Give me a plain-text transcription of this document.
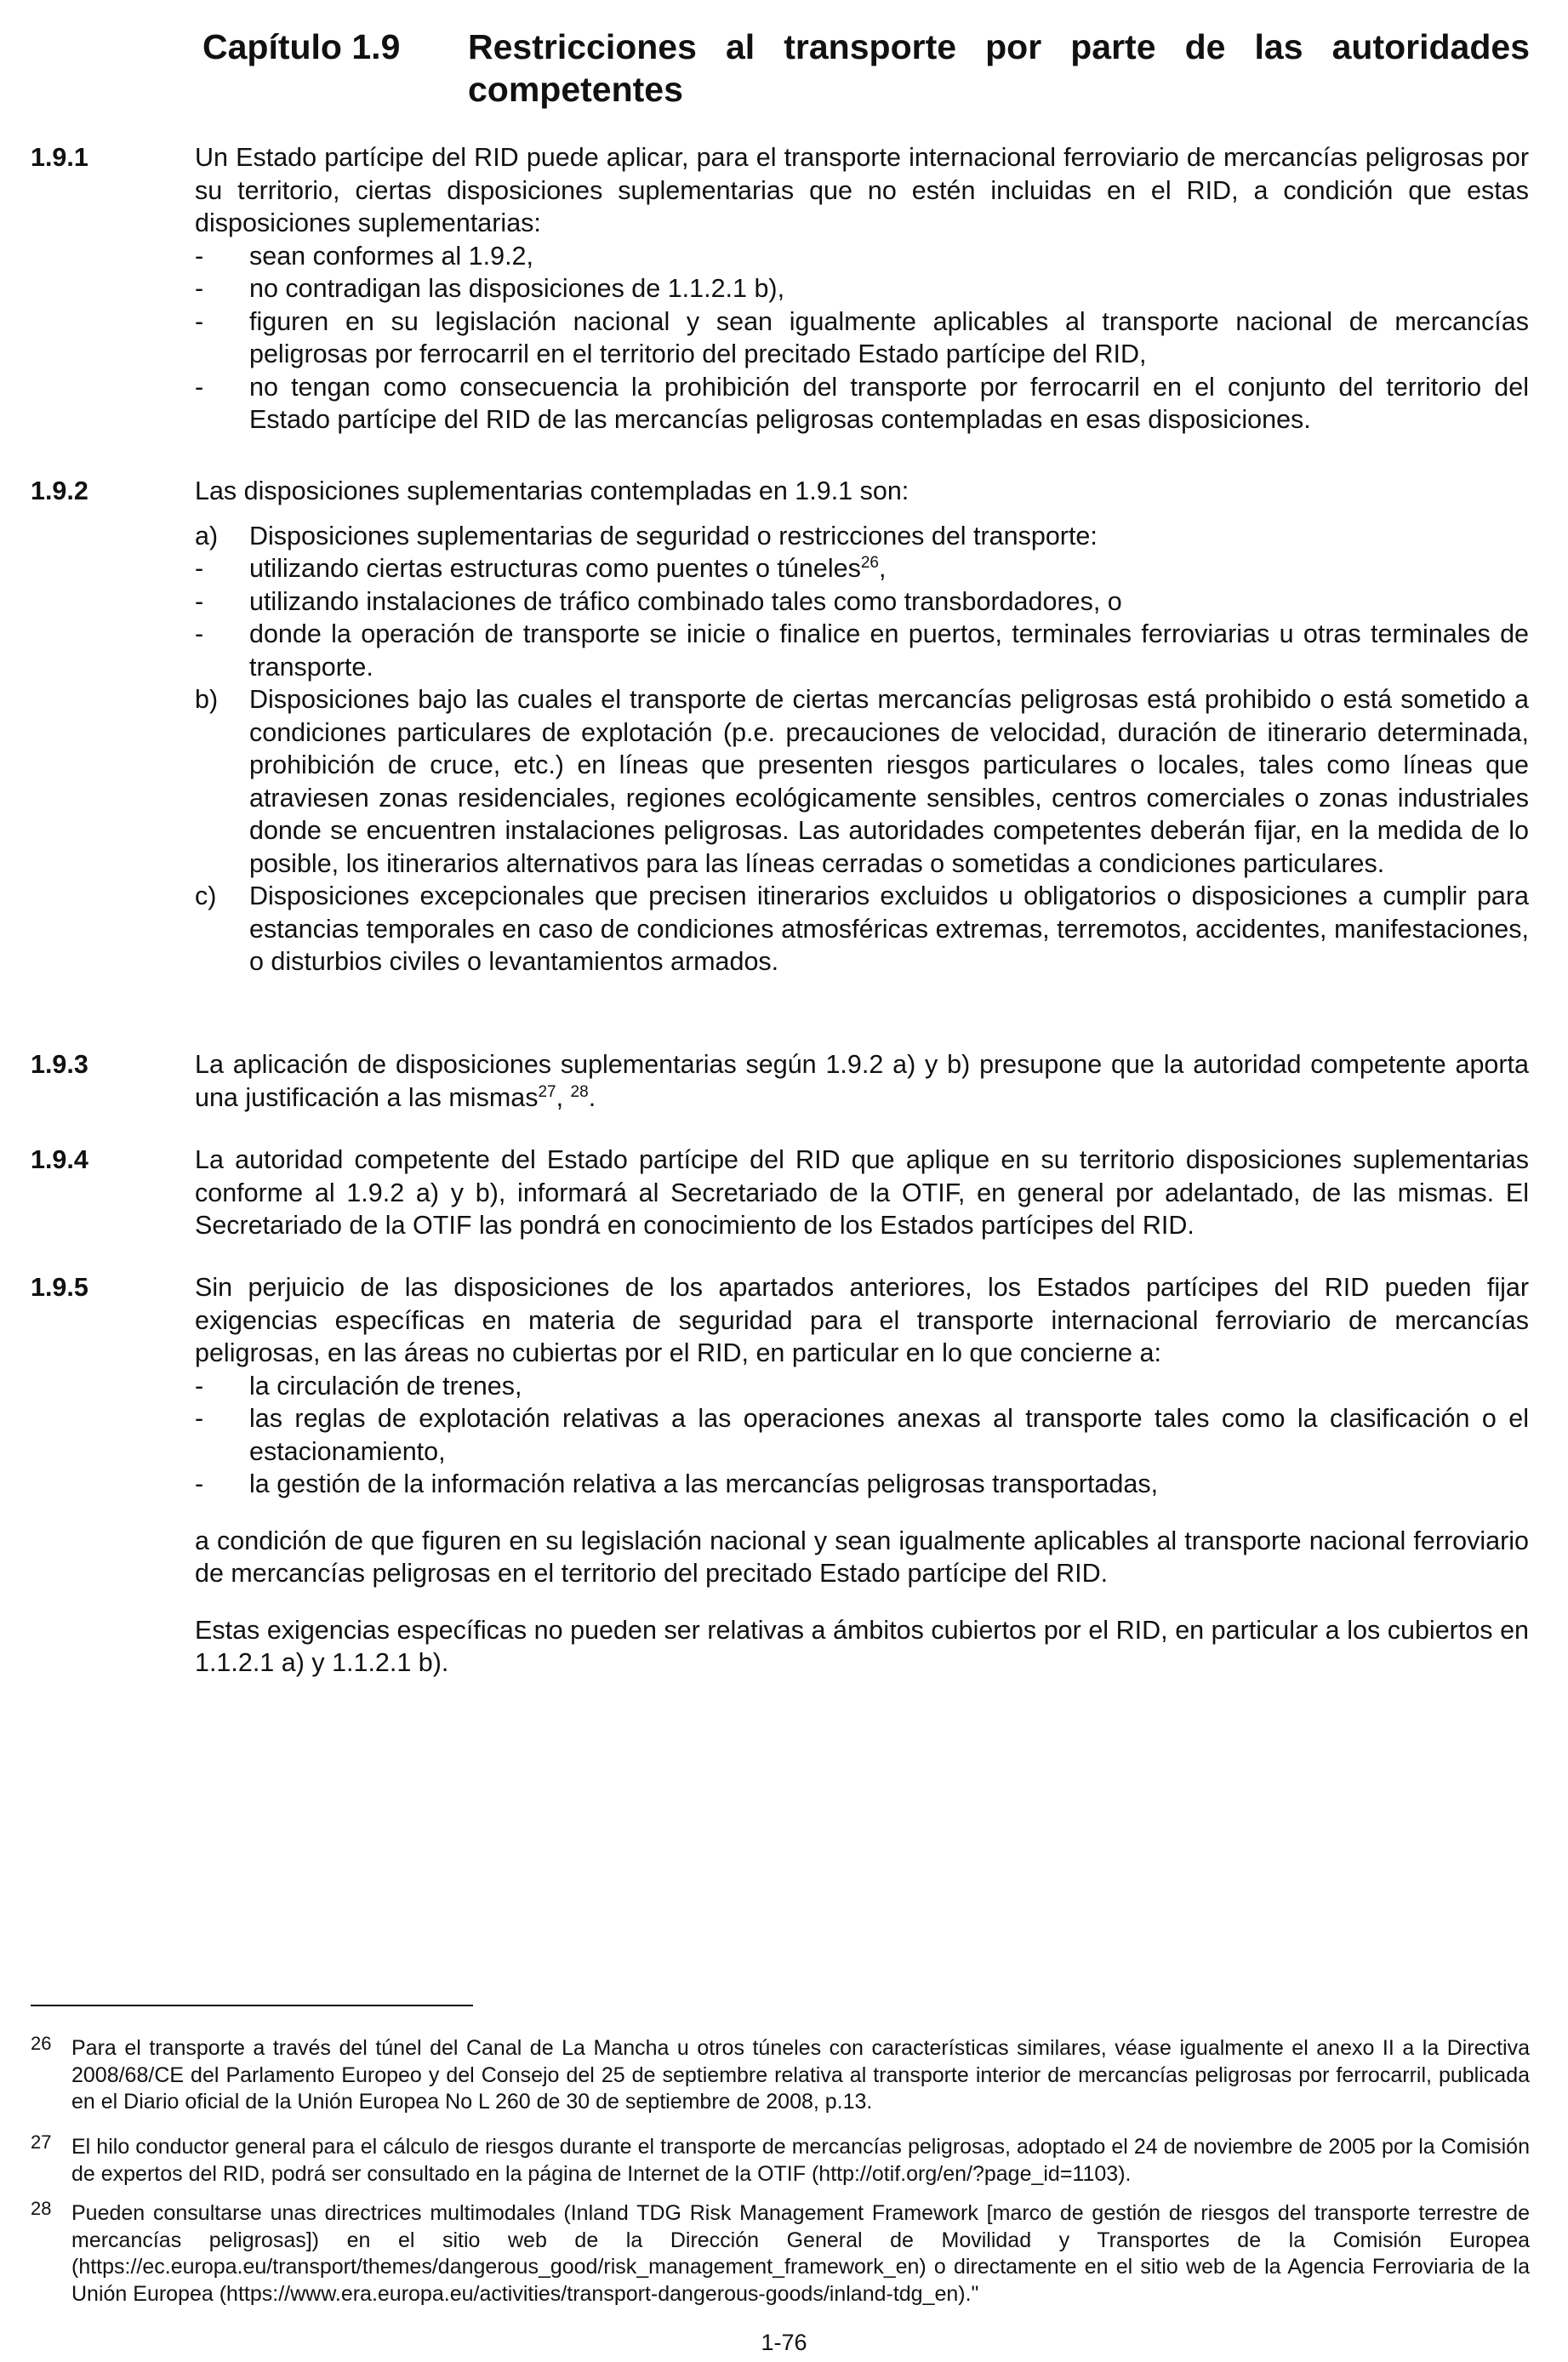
Capítulo 1.9 Restricciones al transporte por parte de las autoridades competentes
1.9.1	Un Estado partícipe del RID puede aplicar, para el transporte internacional ferroviario de mercancías peligrosas por su territorio, ciertas disposiciones suplementarias que no estén incluidas en el RID, a condición que estas disposiciones suplementarias:

- sean conformes al 1.9.2,
- no contradigan las disposiciones de 1.1.2.1 b),
- figuren en su legislación nacional y sean igualmente aplicables al transporte nacional de mercancías peligrosas por ferrocarril en el territorio del precitado Estado partícipe del RID,
- no tengan como consecuencia la prohibición del transporte por ferrocarril en el conjunto del territorio del Estado partícipe del RID de las mercancías peligrosas contempladas en esas disposiciones.
1.9.2	Las disposiciones suplementarias contempladas en 1.9.1 son:

a) Disposiciones suplementarias de seguridad o restricciones del transporte:
- utilizando ciertas estructuras como puentes o túneles$^{26}$,
- utilizando instalaciones de tráfico combinado tales como transbordadores, o
- donde la operación de transporte se inicie o finalice en puertos, terminales ferroviarias u otras terminales de transporte.
b) Disposiciones bajo las cuales el transporte de ciertas mercancías peligrosas está prohibido o está sometido a condiciones particulares de explotación (p.e. precauciones de velocidad, duración de itinerario determinada, prohibición de cruce, etc.) en líneas que presenten riesgos particulares o locales, tales como líneas que atraviesen zonas residenciales, regiones ecológicamente sensibles, centros comerciales o zonas industriales donde se encuentren instalaciones peligrosas. Las autoridades competentes deberán fijar, en la medida de lo posible, los itinerarios alternativos para las líneas cerradas o sometidas a condiciones particulares.
c) Disposiciones excepcionales que precisen itinerarios excluidos u obligatorios o disposiciones a cumplir para estancias temporales en caso de condiciones atmosféricas extremas, terremotos, accidentes, manifestaciones, o disturbios civiles o levantamientos armados.
1.9.3	La aplicación de disposiciones suplementarias según 1.9.2 a) y b) presupone que la autoridad competente aporta una justificación a las mismas$^{27}$, $^{28}$.

1.9.4	La autoridad competente del Estado partícipe del RID que aplique en su territorio disposiciones suplementarias conforme al 1.9.2 a) y b), informará al Secretariado de la OTIF, en general por adelantado, de las mismas. El Secretariado de la OTIF las pondrá en conocimiento de los Estados partícipes del RID.

1.9.5	Sin perjuicio de las disposiciones de los apartados anteriores, los Estados partícipes del RID pueden fijar exigencias específicas en materia de seguridad para el transporte internacional ferroviario de mercancías peligrosas, en las áreas no cubiertas por el RID, en particular en lo que concierne a:

- la circulación de trenes,
- las reglas de explotación relativas a las operaciones anexas al transporte tales como la clasificación o el estacionamiento,
- la gestión de la información relativa a las mercancías peligrosas transportadas,

a condición de que figuren en su legislación nacional y sean igualmente aplicables al transporte nacional ferroviario de mercancías peligrosas en el territorio del precitado Estado partícipe del RID.

Estas exigencias específicas no pueden ser relativas a ámbitos cubiertos por el RID, en particular a los cubiertos en 1.1.2.1 a) y 1.1.2.1 b).

26 Para el transporte a través del túnel del Canal de La Mancha u otros túneles con características similares, véase igualmente el anexo II a la Directiva 2008/68/CE del Parlamento Europeo y del Consejo del 25 de septiembre relativa al transporte interior de mercancías peligrosas por ferrocarril, publicada en el Diario oficial de la Unión Europea No L 260 de 30 de septiembre de 2008, p.13.
27 El hilo conductor general para el cálculo de riesgos durante el transporte de mercancías peligrosas, adoptado el 24 de noviembre de 2005 por la Comisión de expertos del RID, podrá ser consultado en la página de Internet de la OTIF (http://otif.org/en/?page_id=1103).
28 Pueden consultarse unas directrices multimodales (Inland TDG Risk Management Framework [marco de gestión de riesgos del transporte terrestre de mercancías peligrosas]) en el sitio web de la Dirección General de Movilidad y Transportes de la Comisión Europea (https://ec.europa.eu/transport/themes/dangerous_good/risk_management_framework_en) o directamente en el sitio web de la Agencia Ferroviaria de la Unión Europea (https://www.era.europa.eu/activities/transport-dangerous-goods/inland-tdg_en)."
1-76
